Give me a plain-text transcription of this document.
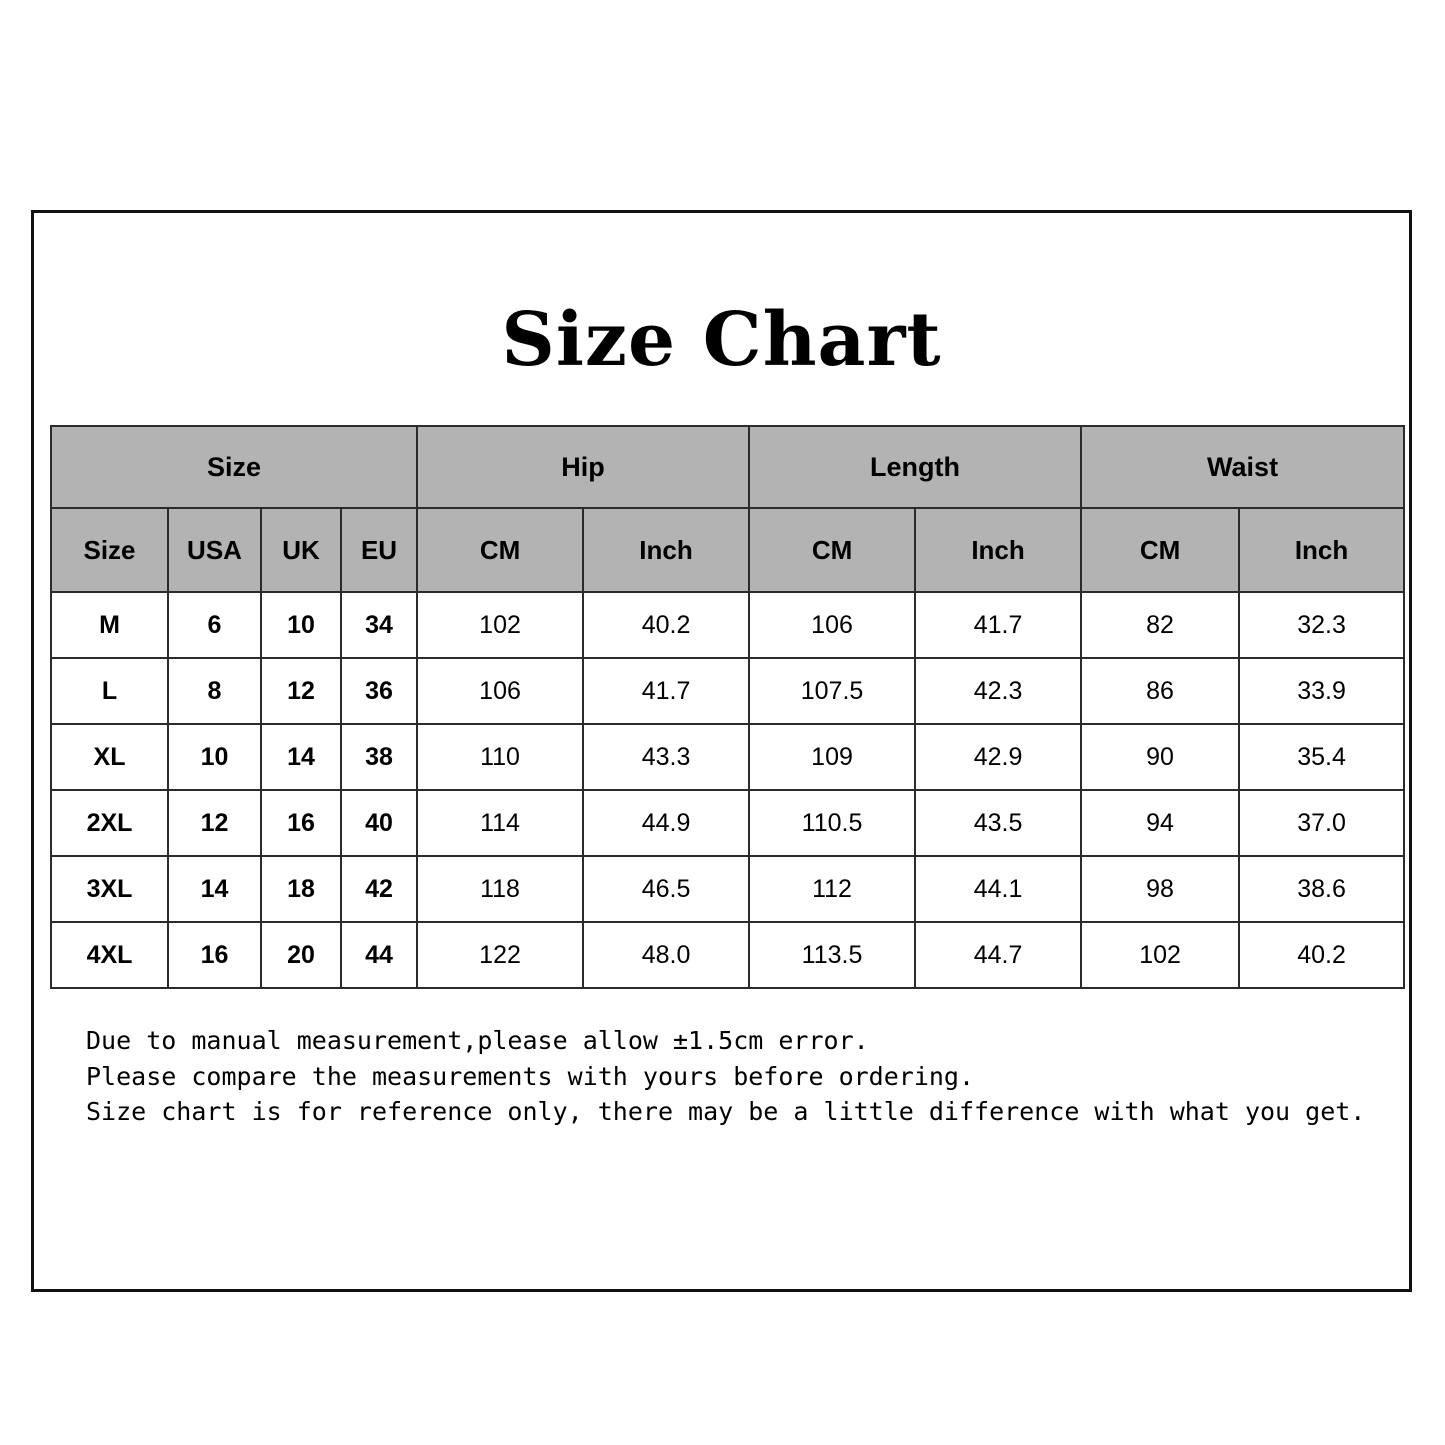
Size Chart
Size				Hip		Length		Waist	
Size	USA	UK	EU	CM	Inch	CM	Inch	CM	Inch
M	6	10	34	102	40.2	106	41.7	82	32.3
L	8	12	36	106	41.7	107.5	42.3	86	33.9
XL	10	14	38	110	43.3	109	42.9	90	35.4
2XL	12	16	40	114	44.9	110.5	43.5	94	37.0
3XL	14	18	42	118	46.5	112	44.1	98	38.6
4XL	16	20	44	122	48.0	113.5	44.7	102	40.2
Due to manual measurement,please allow ±1.5cm error.
Please compare the measurements with yours before ordering.
Size chart is for reference only, there may be a little difference with what you get.
